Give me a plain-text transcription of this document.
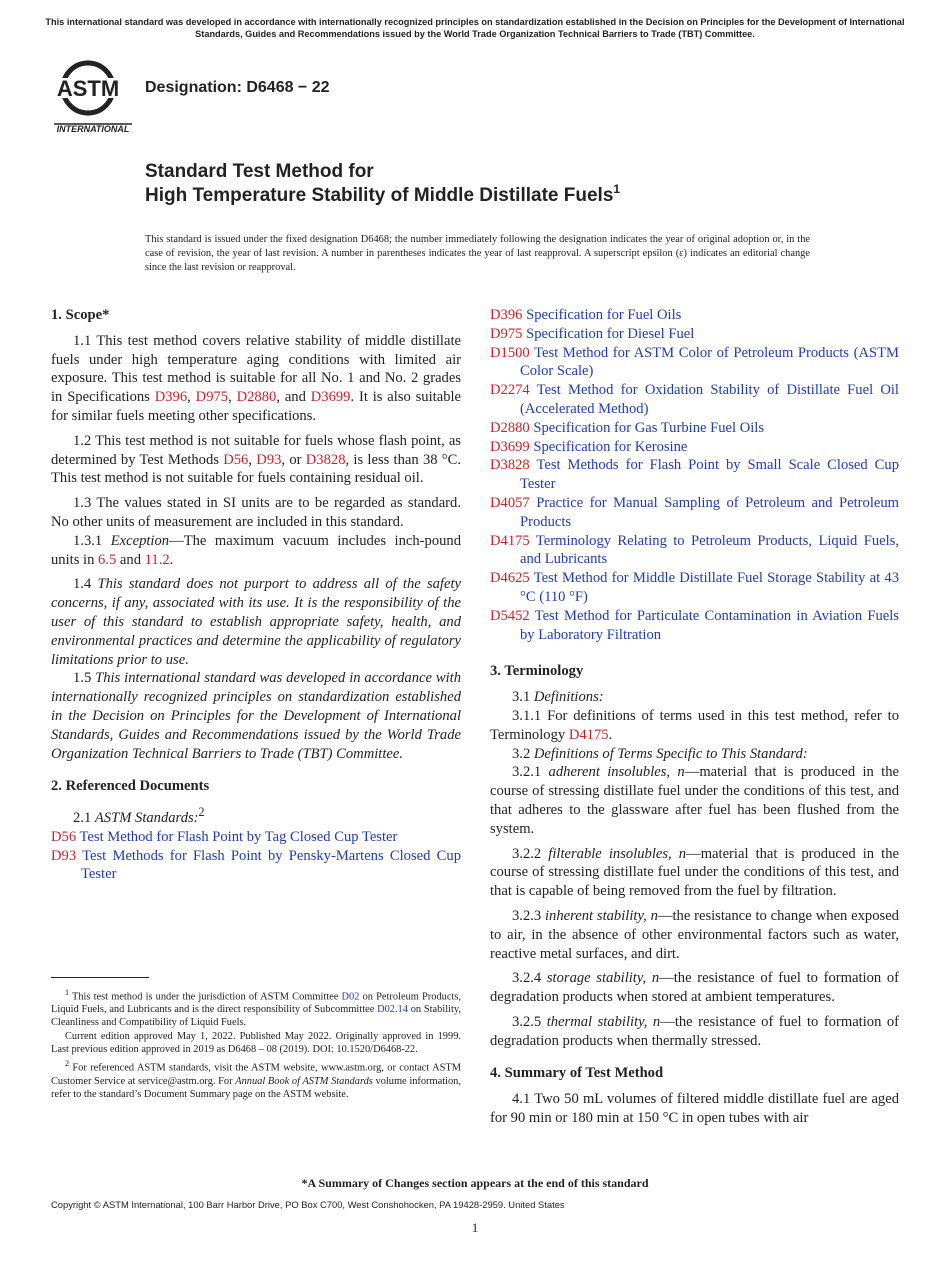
This international standard was developed in accordance with internationally recognized principles on standardization established in the Decision on Principles for the Development of International Standards, Guides and Recommendations issued by the World Trade Organization Technical Barriers to Trade (TBT) Committee.
ASTM
INTERNATIONAL
Designation: D6468 − 22
Standard Test Method for
High Temperature Stability of Middle Distillate Fuels$^1$
This standard is issued under the fixed designation D6468; the number immediately following the designation indicates the year of original adoption or, in the case of revision, the year of last revision. A number in parentheses indicates the year of last reapproval. A superscript epsilon (ε) indicates an editorial change since the last revision or reapproval.
1. Scope*

1.1 This test method covers relative stability of middle distillate fuels under high temperature aging conditions with limited air exposure. This test method is suitable for all No. 1 and No. 2 grades in Specifications D396, D975, D2880, and D3699. It is also suitable for similar fuels meeting other specifications.

1.2 This test method is not suitable for fuels whose flash point, as determined by Test Methods D56, D93, or D3828, is less than 38 °C. This test method is not suitable for fuels containing residual oil.

1.3 The values stated in SI units are to be regarded as standard. No other units of measurement are included in this standard.

1.3.1 Exception—The maximum vacuum includes inch-pound units in 6.5 and 11.2.

1.4 This standard does not purport to address all of the safety concerns, if any, associated with its use. It is the responsibility of the user of this standard to establish appropriate safety, health, and environmental practices and determine the applicability of regulatory limitations prior to use.

1.5 This international standard was developed in accordance with internationally recognized principles on standardization established in the Decision on Principles for the Development of International Standards, Guides and Recommendations issued by the World Trade Organization Technical Barriers to Trade (TBT) Committee.

2. Referenced Documents

2.1 ASTM Standards:$^2$

D56 Test Method for Flash Point by Tag Closed Cup Tester
D93 Test Methods for Flash Point by Pensky-Martens Closed Cup Tester

$^1$ This test method is under the jurisdiction of ASTM Committee D02 on Petroleum Products, Liquid Fuels, and Lubricants and is the direct responsibility of Subcommittee D02.14 on Stability, Cleanliness and Compatibility of Liquid Fuels.

Current edition approved May 1, 2022. Published May 2022. Originally approved in 1999. Last previous edition approved in 2019 as D6468 – 08 (2019). DOI: 10.1520/D6468-22.

$^2$ For referenced ASTM standards, visit the ASTM website, www.astm.org, or contact ASTM Customer Service at service@astm.org. For Annual Book of ASTM Standards volume information, refer to the standard’s Document Summary page on the ASTM website.

D396 Specification for Fuel Oils
D975 Specification for Diesel Fuel
D1500 Test Method for ASTM Color of Petroleum Products (ASTM Color Scale)
D2274 Test Method for Oxidation Stability of Distillate Fuel Oil (Accelerated Method)
D2880 Specification for Gas Turbine Fuel Oils
D3699 Specification for Kerosine
D3828 Test Methods for Flash Point by Small Scale Closed Cup Tester
D4057 Practice for Manual Sampling of Petroleum and Petroleum Products
D4175 Terminology Relating to Petroleum Products, Liquid Fuels, and Lubricants
D4625 Test Method for Middle Distillate Fuel Storage Stability at 43 °C (110 °F)
D5452 Test Method for Particulate Contamination in Aviation Fuels by Laboratory Filtration
3. Terminology

3.1 Definitions:

3.1.1 For definitions of terms used in this test method, refer to Terminology D4175.

3.2 Definitions of Terms Specific to This Standard:

3.2.1 adherent insolubles, n—material that is produced in the course of stressing distillate fuel under the conditions of this test, and that adheres to the glassware after fuel has been flushed from the system.

3.2.2 filterable insolubles, n—material that is produced in the course of stressing distillate fuel under the conditions of this test, and that is capable of being removed from the fuel by filtration.

3.2.3 inherent stability, n—the resistance to change when exposed to air, in the absence of other environmental factors such as water, reactive metal surfaces, and dirt.

3.2.4 storage stability, n—the resistance of fuel to formation of degradation products when stored at ambient temperatures.

3.2.5 thermal stability, n—the resistance of fuel to formation of degradation products when thermally stressed.

4. Summary of Test Method

4.1 Two 50 mL volumes of filtered middle distillate fuel are aged for 90 min or 180 min at 150 °C in open tubes with air

*A Summary of Changes section appears at the end of this standard
Copyright © ASTM International, 100 Barr Harbor Drive, PO Box C700, West Conshohocken, PA 19428-2959. United States
1
